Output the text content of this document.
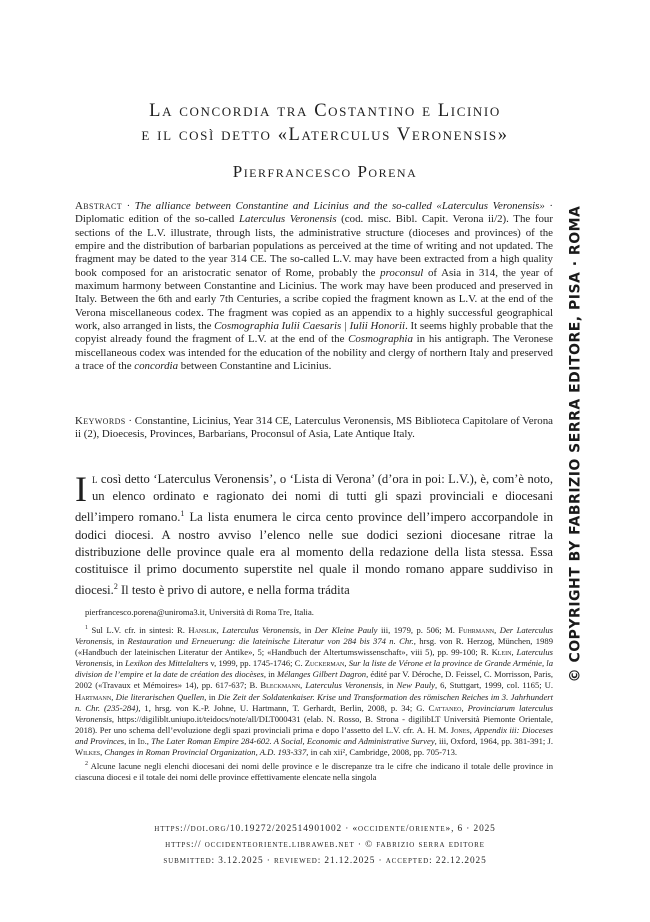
La concordia tra Costantino e Licinio
e il così detto «Laterculus Veronensis»

Pierfrancesco Porena

Abstract · The alliance between Constantine and Licinius and the so-called «Laterculus Veronensis» · Diplomatic edition of the so-called Laterculus Veronensis (cod. misc. Bibl. Capit. Verona ii/2). The four sections of the L.V. illustrate, through lists, the administrative structure (dioceses and provinces) of the empire and the distribution of barbarian populations as perceived at the time of writing and not updated. The fragment may be dated to the year 314 CE. The so-called L.V. may have been extracted from a high quality book composed for an aristocratic senator of Rome, probably the proconsul of Asia in 314, the year of maximum harmony between Constantine and Licinius. The work may have been produced and preserved in Italy. Between the 6th and early 7th Centuries, a scribe copied the fragment known as L.V. at the end of the Verona miscellaneous codex. The fragment was copied as an appendix to a highly successful geographical work, also arranged in lists, the Cosmographia Iulii Caesaris | Iulii Honorii. It seems highly probable that the copyist already found the fragment of L.V. at the end of the Cosmographia in his antigraph. The Veronese miscellaneous codex was intended for the education of the nobility and clergy of northern Italy and preserved a trace of the concordia between Constantine and Licinius.

Keywords · Constantine, Licinius, Year 314 CE, Laterculus Veronensis, MS Biblioteca Capitolare of Verona ii (2), Dioecesis, Provinces, Barbarians, Proconsul of Asia, Late Antique Italy.

Il così detto ‘Laterculus Veronensis’, o ‘Lista di Verona’ (d’ora in poi: L.V.), è, com’è noto, un elenco ordinato e ragionato dei nomi di tutti gli spazi provinciali e diocesani dell’impero romano.$^1$ La lista enumera le circa cento province dell’impero accorpandole in dodici diocesi. A nostro avviso l’elenco nelle sue dodici sezioni diocesane ritrae la distribuzione delle province quale era al momento della redazione della lista stessa. Essa costituisce il primo documento superstite nel quale il mondo romano appare suddiviso in diocesi.$^2$ Il testo è privo di autore, e nella forma trádita

pierfrancesco.porena@uniroma3.it, Università di Roma Tre, Italia.

$^1$ Sul L.V. cfr. in sintesi: R. Hanslik, Laterculus Veronensis, in Der Kleine Pauly iii, 1979, p. 506; M. Fuhrmann, Der Laterculus Veronensis, in Restauration und Erneuerung: die lateinische Literatur von 284 bis 374 n. Chr., hrsg. von R. Herzog, München, 1989 («Handbuch der lateinischen Literatur der Antike», 5; «Handbuch der Altertumswissenschaft», viii 5), pp. 99-100; R. Klein, Laterculus Veronensis, in Lexikon des Mittelalters v, 1999, pp. 1745-1746; C. Zuckerman, Sur la liste de Vérone et la province de Grande Arménie, la division de l’empire et la date de création des diocèses, in Mélanges Gilbert Dagron, édité par V. Déroche, D. Feissel, C. Morrisson, Paris, 2002 («Travaux et Mémoires» 14), pp. 617-637; B. Bleckmann, Laterculus Veronensis, in New Pauly, 6, Stuttgart, 1999, col. 1165; U. Hartmann, Die literarischen Quellen, in Die Zeit der Soldatenkaiser. Krise und Transformation des römischen Reiches im 3. Jahrhundert n. Chr. (235-284), 1, hrsg. von K.-P. Johne, U. Hartmann, T. Gerhardt, Berlin, 2008, p. 34; G. Cattaneo, Provinciarum laterculus Veronensis, https://digiliblt.uniupo.it/teidocs/note/all/DLT000431 (elab. N. Rosso, B. Strona - digilibLT Università Piemonte Orientale, 2018). Per uno schema dell’evoluzione degli spazi provinciali prima e dopo l’assetto del L.V. cfr. A. H. M. Jones, Appendix iii: Dioceses and Provinces, in Id., The Later Roman Empire 284-602. A Social, Economic and Administrative Survey, iii, Oxford, 1964, pp. 381-391; J. Wilkes, Changes in Roman Provincial Organization, A.D. 193-337, in cah xii², Cambridge, 2008, pp. 705-713.

$^2$ Alcune lacune negli elenchi diocesani dei nomi delle province e le discrepanze tra le cifre che indicano il totale delle province in ciascuna diocesi e il totale dei nomi delle province effettivamente elencate nella singola

https://doi.org/10.19272/202514901002 · «occidente/oriente», 6 · 2025
https:// occidenteoriente.libraweb.net · © fabrizio serra editore
submitted: 3.12.2025 · reviewed: 21.12.2025 · accepted: 22.12.2025
© COPYRIGHT BY FABRIZIO SERRA EDITORE, PISA · ROMA
